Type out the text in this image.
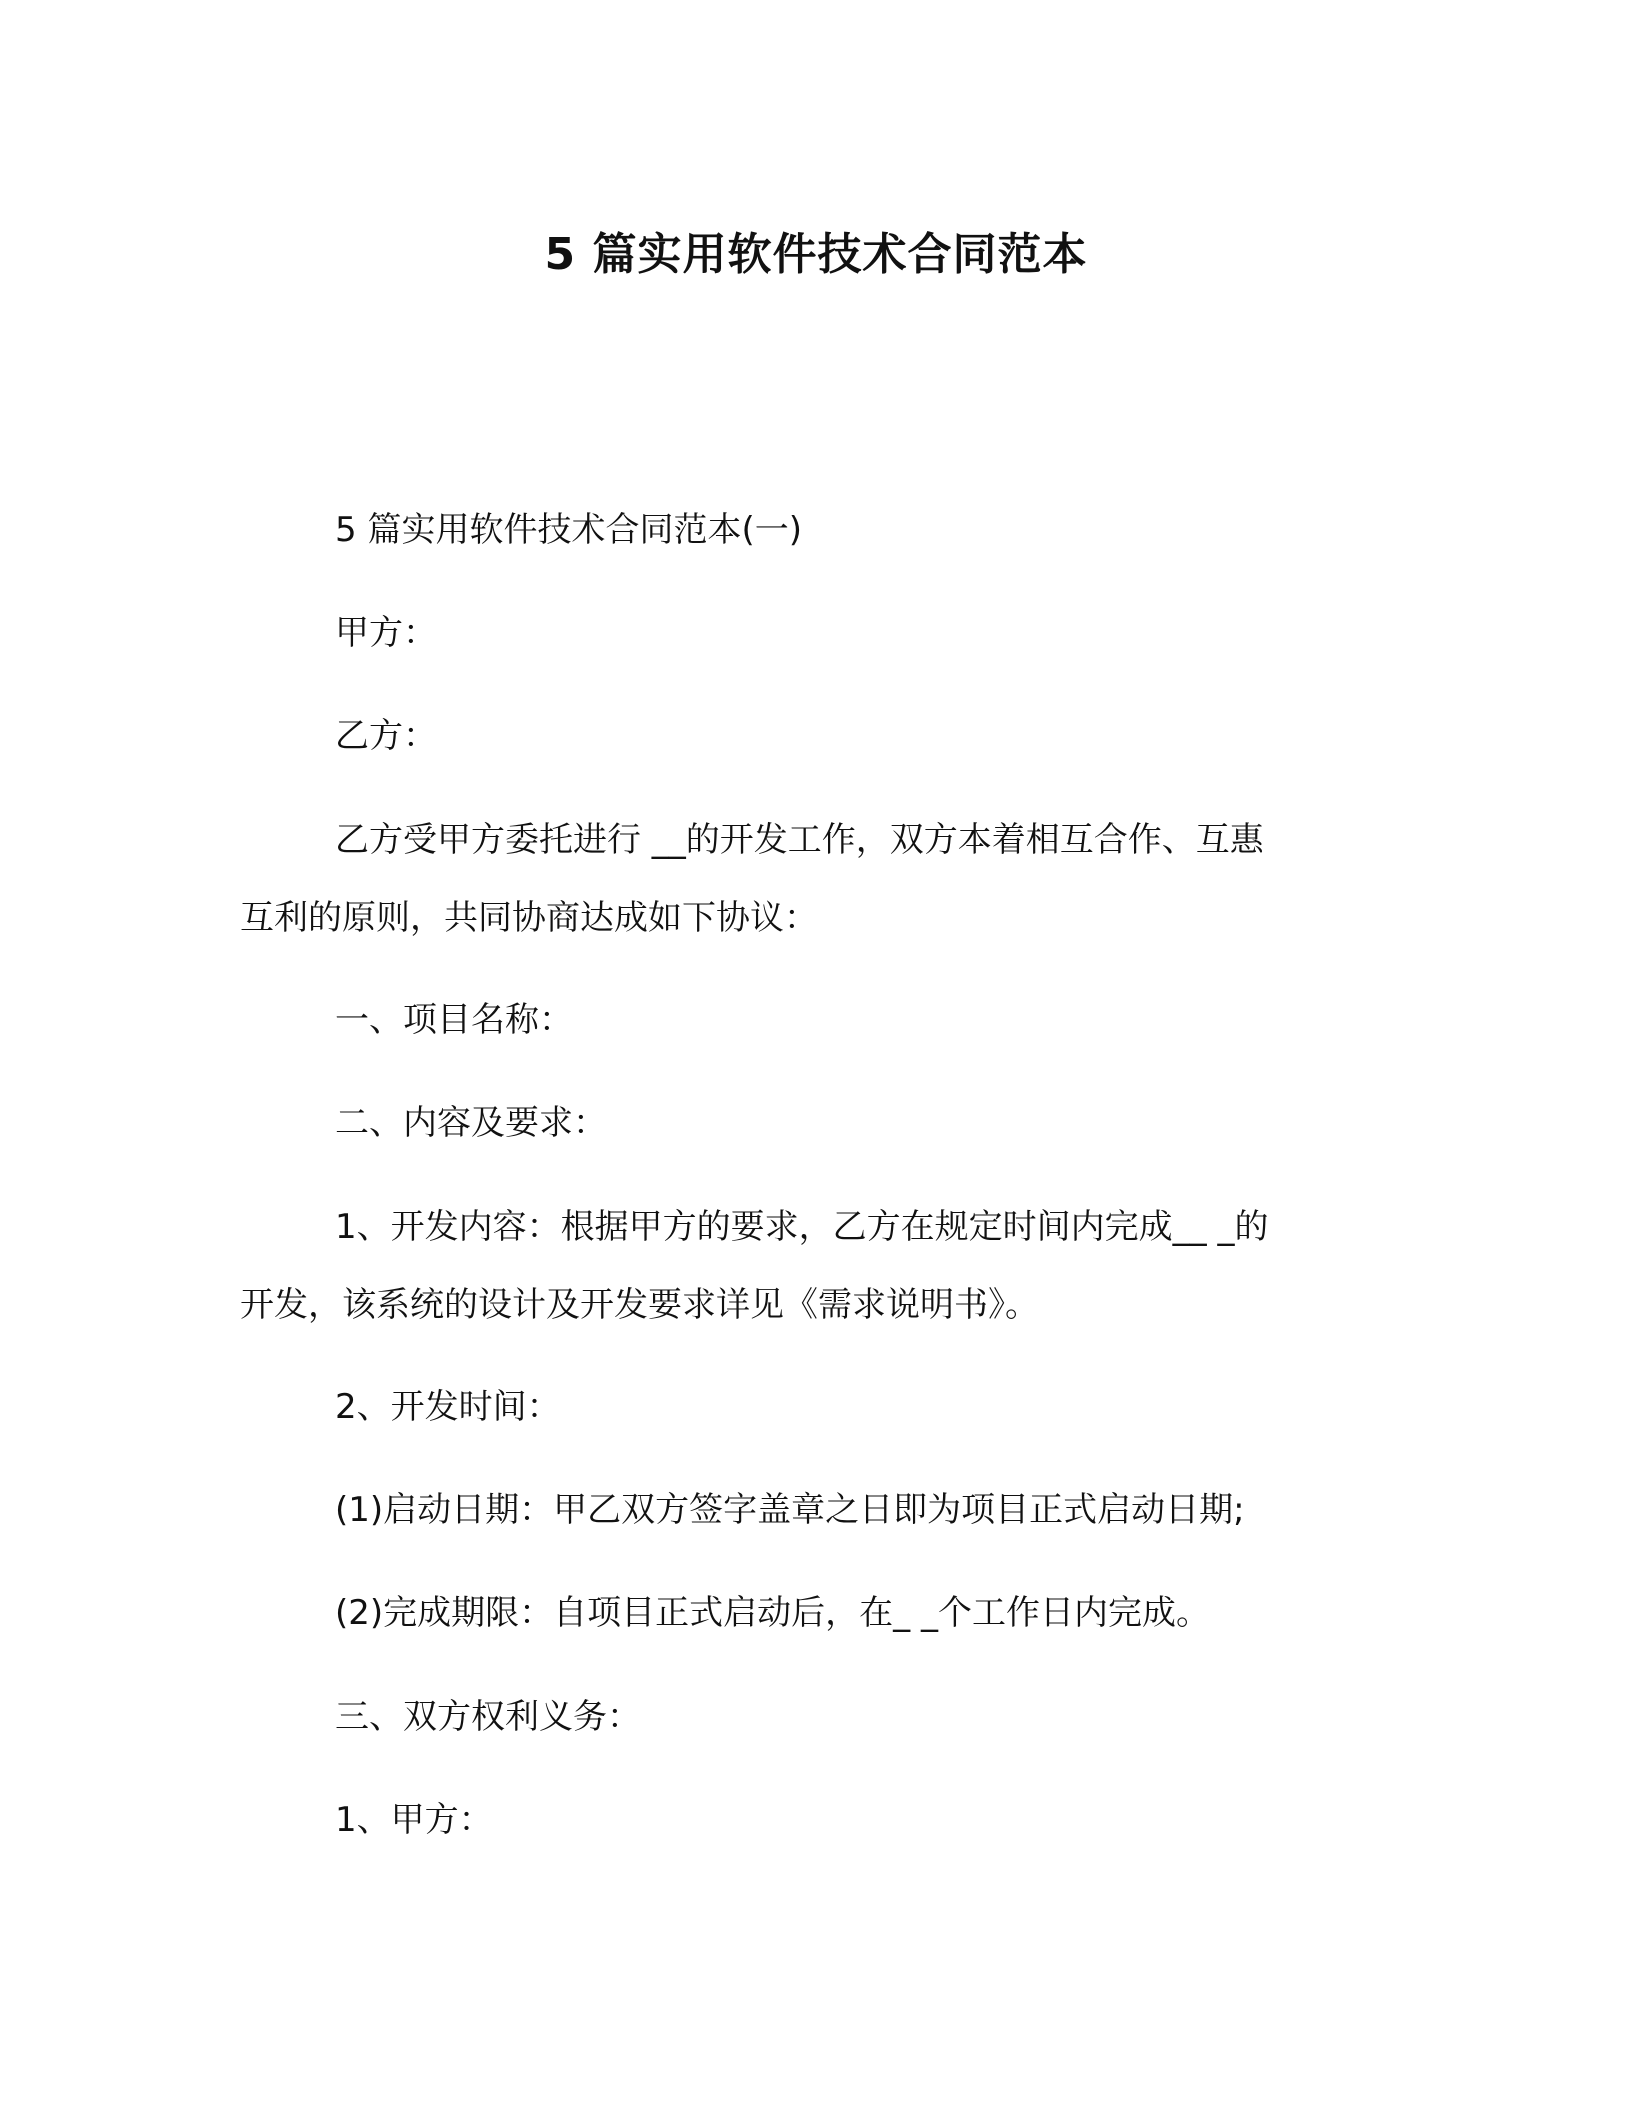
5 篇实用软件技术合同范本

5 篇实用软件技术合同范本(一)

甲方：

乙方：

乙方受甲方委托进行 __的开发工作，双方本着相互合作、互惠

互利的原则，共同协商达成如下协议：

一、项目名称：

二、内容及要求：

1、开发内容：根据甲方的要求，乙方在规定时间内完成__ _的

开发，该系统的设计及开发要求详见《需求说明书》。

2、开发时间：

(1)启动日期：甲乙双方签字盖章之日即为项目正式启动日期;

(2)完成期限：自项目正式启动后，在_ _个工作日内完成。

三、双方权利义务：

1、甲方：
